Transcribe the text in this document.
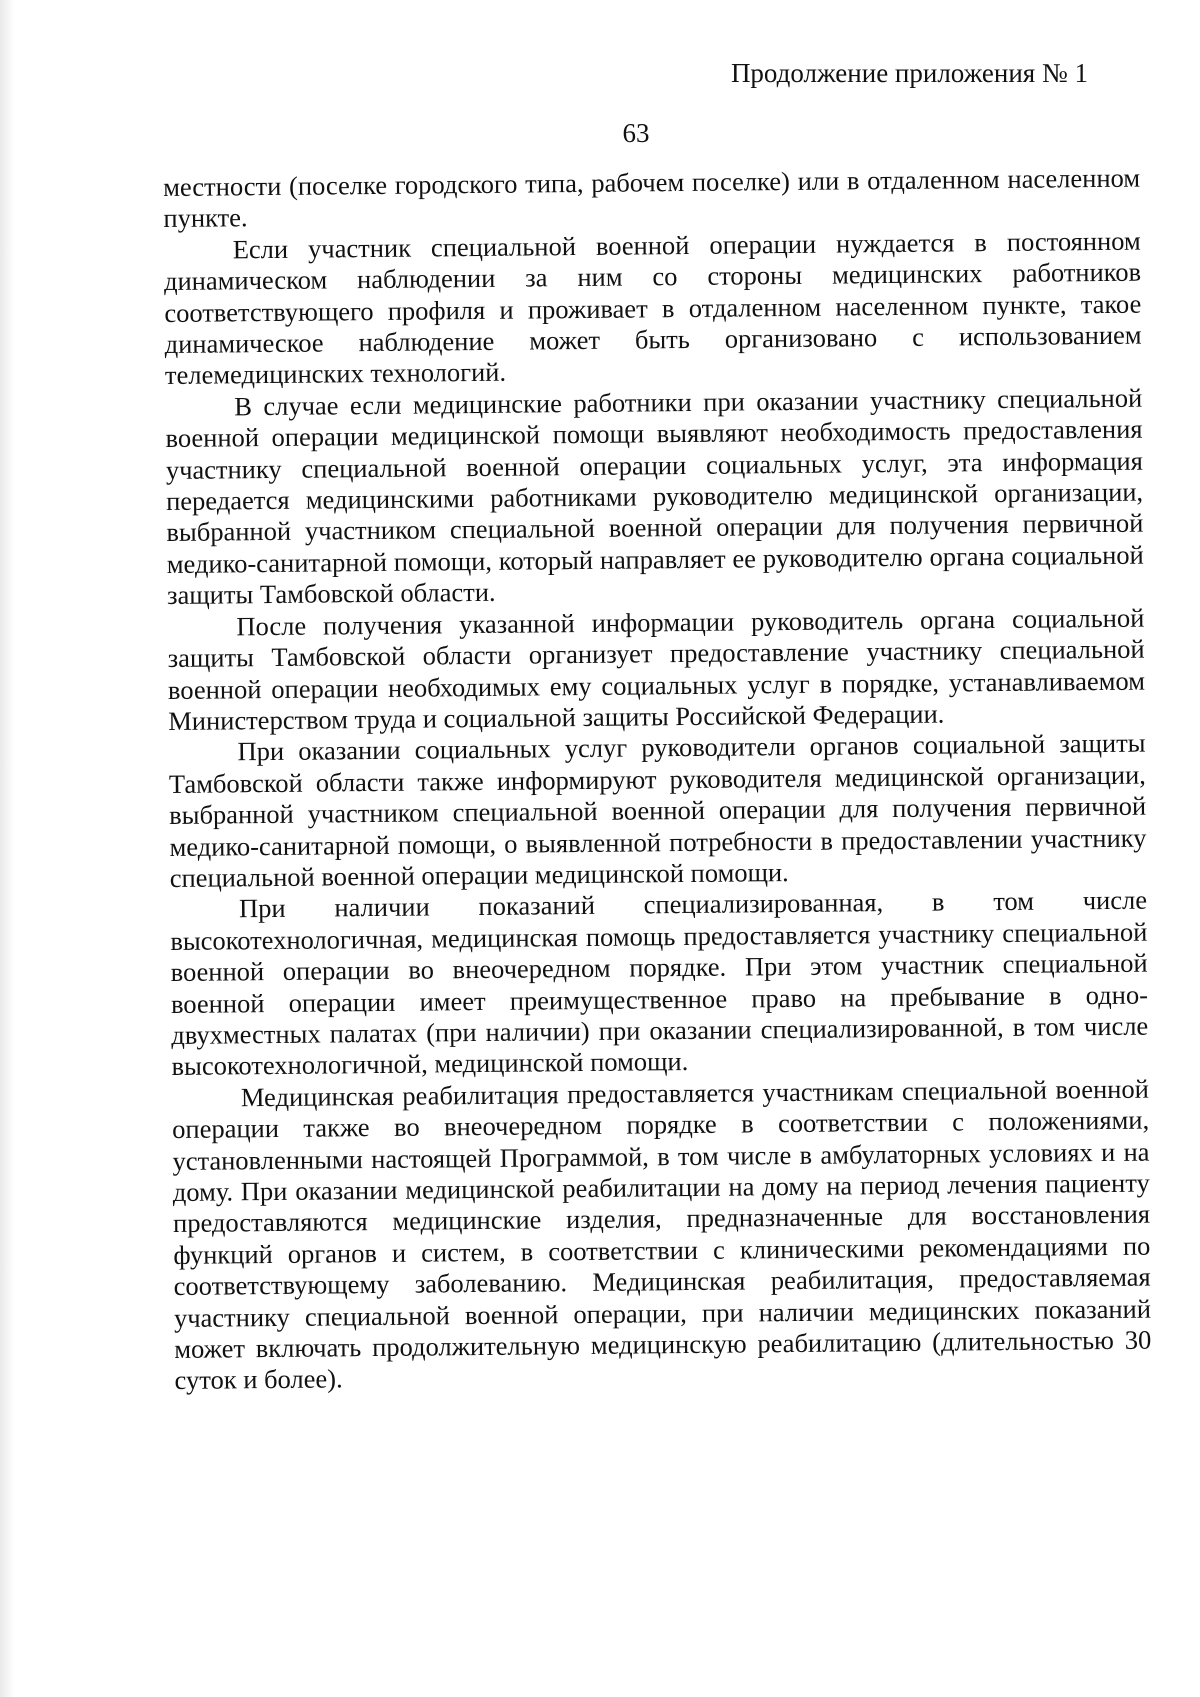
Продолжение приложения № 1
63

местности (поселке городского типа, рабочем поселке) или в отдаленном населенном пункте.

Если участник специальной военной операции нуждается в постоянном динамическом наблюдении за ним со стороны медицинских работников соответствующего профиля и проживает в отдаленном населенном пункте, такое динамическое наблюдение может быть организовано с использованием телемедицинских технологий.

В случае если медицинские работники при оказании участнику специальной военной операции медицинской помощи выявляют необходимость предоставления участнику специальной военной операции социальных услуг, эта информация передается медицинскими работниками руководителю медицинской организации, выбранной участником специальной военной операции для получения первичной медико-санитарной помощи, который направляет ее руководителю органа социальной защиты Тамбовской области.

После получения указанной информации руководитель органа социальной защиты Тамбовской области организует предоставление участнику специальной военной операции необходимых ему социальных услуг в порядке, устанавливаемом Министерством труда и социальной защиты Российской Федерации.

При оказании социальных услуг руководители органов социальной защиты Тамбовской области также информируют руководителя медицинской организации, выбранной участником специальной военной операции для получения первичной медико-санитарной помощи, о выявленной потребности в предоставлении участнику специальной военной операции медицинской помощи.

При наличии показаний специализированная, в том числе высокотехнологичная, медицинская помощь предоставляется участнику специальной военной операции во внеочередном порядке. При этом участник специальной военной операции имеет преимущественное право на пребывание в одно-двухместных палатах (при наличии) при оказании специализированной, в том числе высокотехнологичной, медицинской помощи.

Медицинская реабилитация предоставляется участникам специальной военной операции также во внеочередном порядке в соответствии с положениями, установленными настоящей Программой, в том числе в амбулаторных условиях и на дому. При оказании медицинской реабилитации на дому на период лечения пациенту предоставляются медицинские изделия, предназначенные для восстановления функций органов и систем, в соответствии с клиническими рекомендациями по соответствующему заболеванию. Медицинская реабилитация, предоставляемая участнику специальной военной операции, при наличии медицинских показаний может включать продолжительную медицинскую реабилитацию (длительностью 30 суток и более).
